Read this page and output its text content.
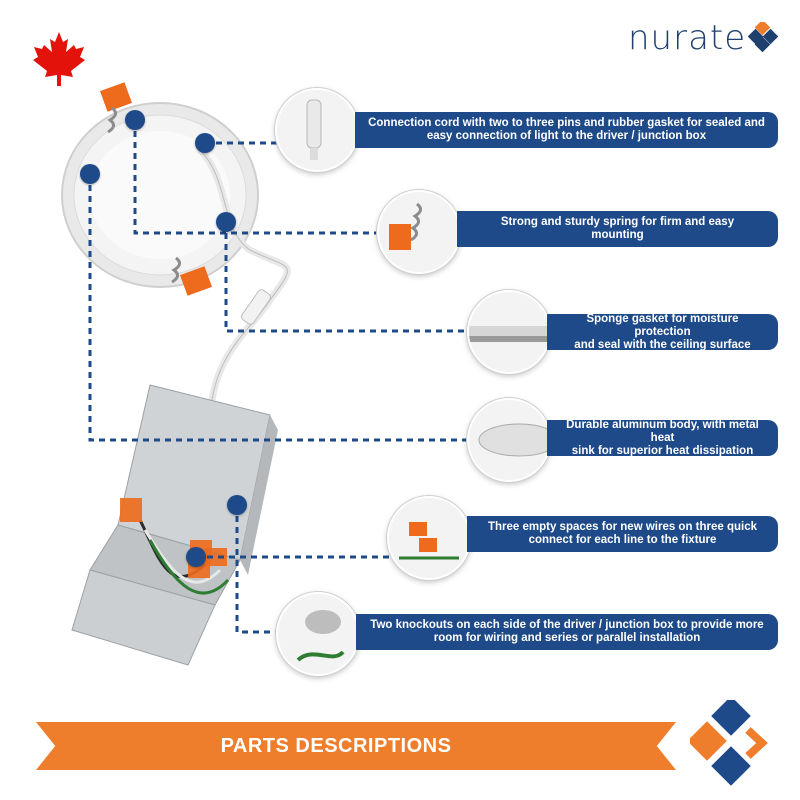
nurate
Connection cord with two to three pins and rubber gasket for sealed and
easy connection of light to the driver / junction box
Strong and sturdy spring for firm and easy
mounting
Sponge gasket for moisture protection
and seal with the ceiling surface
Durable aluminum body, with metal heat
sink for superior heat dissipation
Three empty spaces for new wires on three quick
connect for each line to the fixture
Two knockouts on each side of the driver / junction box to provide more
room for wiring and series or parallel installation
PARTS DESCRIPTIONS
